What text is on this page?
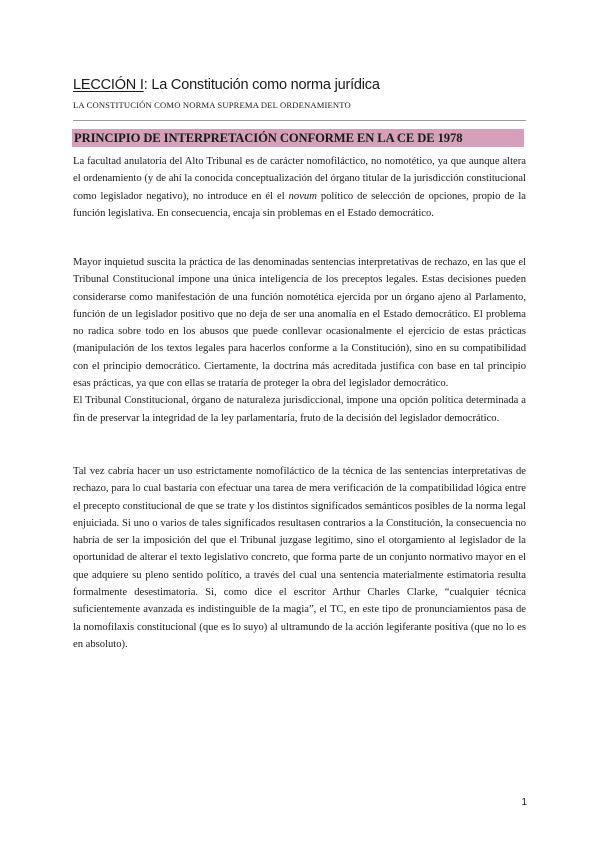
LECCIÓN I: La Constitución como norma jurídica

LA CONSTITUCIÓN COMO NORMA SUPREMA DEL ORDENAMIENTO

PRINCIPIO DE INTERPRETACIÓN CONFORME EN LA CE DE 1978

La facultad anulatoria del Alto Tribunal es de carácter nomofiláctico, no nomotético, ya que aunque altera el ordenamiento (y de ahí la conocida conceptualización del órgano titular de la jurisdicción constitucional como legislador negativo), no introduce en él el novum político de selección de opciones, propio de la función legislativa. En consecuencia, encaja sin problemas en el Estado democrático.

Mayor inquietud suscita la práctica de las denominadas sentencias interpretativas de rechazo, en las que el Tribunal Constitucional impone una única inteligencia de los preceptos legales. Estas decisiones pueden considerarse como manifestación de una función nomotética ejercida por un órgano ajeno al Parlamento, función de un legislador positivo que no deja de ser una anomalía en el Estado democrático. El problema no radica sobre todo en los abusos que puede conllevar ocasionalmente el ejercicio de estas prácticas (manipulación de los textos legales para hacerlos conforme a la Constitución), sino en su compatibilidad con el principio democrático. Ciertamente, la doctrina más acreditada justifica con base en tal principio esas prácticas, ya que con ellas se trataría de proteger la obra del legislador democrático.
El Tribunal Constitucional, órgano de naturaleza jurisdiccional, impone una opción política determinada a fin de preservar la integridad de la ley parlamentaria, fruto de la decisión del legislador democrático.

Tal vez cabría hacer un uso estrictamente nomofiláctico de la técnica de las sentencias interpretativas de rechazo, para lo cual bastaría con efectuar una tarea de mera verificación de la compatibilidad lógica entre el precepto constitucional de que se trate y los distintos significados semánticos posibles de la norma legal enjuiciada. Si uno o varios de tales significados resultasen contrarios a la Constitución, la consecuencia no habría de ser la imposición del que el Tribunal juzgase legítimo, sino el otorgamiento al legislador de la oportunidad de alterar el texto legislativo concreto, que forma parte de un conjunto normativo mayor en el que adquiere su pleno sentido político, a través del cual una sentencia materialmente estimatoria resulta formalmente desestimatoria. Si, como dice el escritor Arthur Charles Clarke, “cualquier técnica suficientemente avanzada es indistinguible de la magia”, el TC, en este tipo de pronunciamientos pasa de la nomofilaxis constitucional (que es lo suyo) al ultramundo de la acción legiferante positiva (que no lo es en absoluto).

1
